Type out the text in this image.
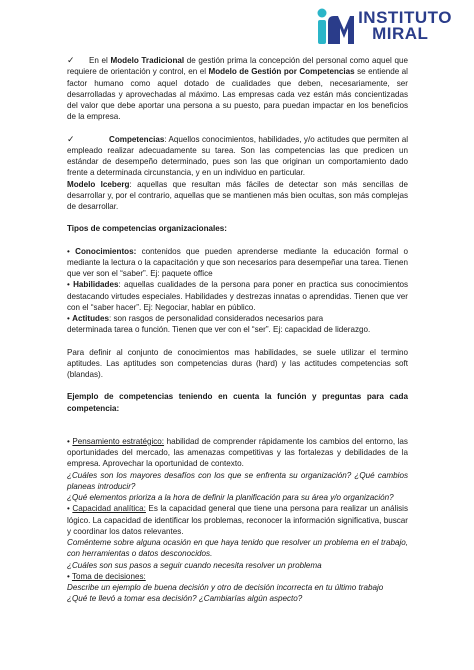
INSTITUTO
MIRAL

✓ En el Modelo Tradicional de gestión prima la concepción del personal como aquel que requiere de orientación y control, en el Modelo de Gestión por Competencias se entiende al factor humano como aquel dotado de cualidades que deben, necesariamente, ser desarrolladas y aprovechadas al máximo. Las empresas cada vez están más concientizadas del valor que debe aportar una persona a su puesto, para puedan impactar en los beneficios de la empresa.

✓	Competencias: Aquellos conocimientos, habilidades, y/o actitudes que permiten al empleado realizar adecuadamente su tarea. Son las competencias las que predicen un estándar de desempeño determinado, pues son las que originan un comportamiento dado frente a determinada circunstancia, y en un individuo en particular.

Modelo Iceberg: aquellas que resultan más fáciles de detectar son más sencillas de desarrollar y, por el contrario, aquellas que se mantienen más bien ocultas, son más complejas de desarrollar.

Tipos de competencias organizacionales:

• Conocimientos: contenidos que pueden aprenderse mediante la educación formal o mediante la lectura o la capacitación y que son necesarios para desempeñar una tarea. Tienen que ver son el “saber”. Ej: paquete office

• Habilidades: aquellas cualidades de la persona para poner en practica sus conocimientos destacando virtudes especiales. Habilidades y destrezas innatas o aprendidas. Tienen que ver con el “saber hacer”. Ej: Negociar, hablar en público.

• Actitudes: son rasgos de personalidad considerados necesarios para
determinada tarea o función. Tienen que ver con el “ser”. Ej: capacidad de liderazgo.

Para definir al conjunto de conocimientos mas habilidades, se suele utilizar el termino aptitudes. Las aptitudes son competencias duras (hard) y las actitudes competencias soft (blandas).

Ejemplo de competencias teniendo en cuenta la función y preguntas para cada competencia:

• Pensamiento estratégico: habilidad de comprender rápidamente los cambios del entorno, las oportunidades del mercado, las amenazas competitivas y las fortalezas y debilidades de la empresa. Aprovechar la oportunidad de contexto.

¿Cuáles son los mayores desafíos con los que se enfrenta su organización? ¿Qué cambios planeas introducir?

¿Qué elementos prioriza a la hora de definir la planificación para su área y/o organización?

• Capacidad analítica: Es la capacidad general que tiene una persona para realizar un análisis lógico. La capacidad de identificar los problemas, reconocer la información significativa, buscar y coordinar los datos relevantes.

Coménteme sobre alguna ocasión en que haya tenido que resolver un problema en el trabajo, con herramientas o datos desconocidos.

¿Cuáles son sus pasos a seguir cuando necesita resolver un problema

• Toma de decisiones:

Describe un ejemplo de buena decisión y otro de decisión incorrecta en tu último trabajo

¿Qué te llevó a tomar esa decisión? ¿Cambiarías algún aspecto?
